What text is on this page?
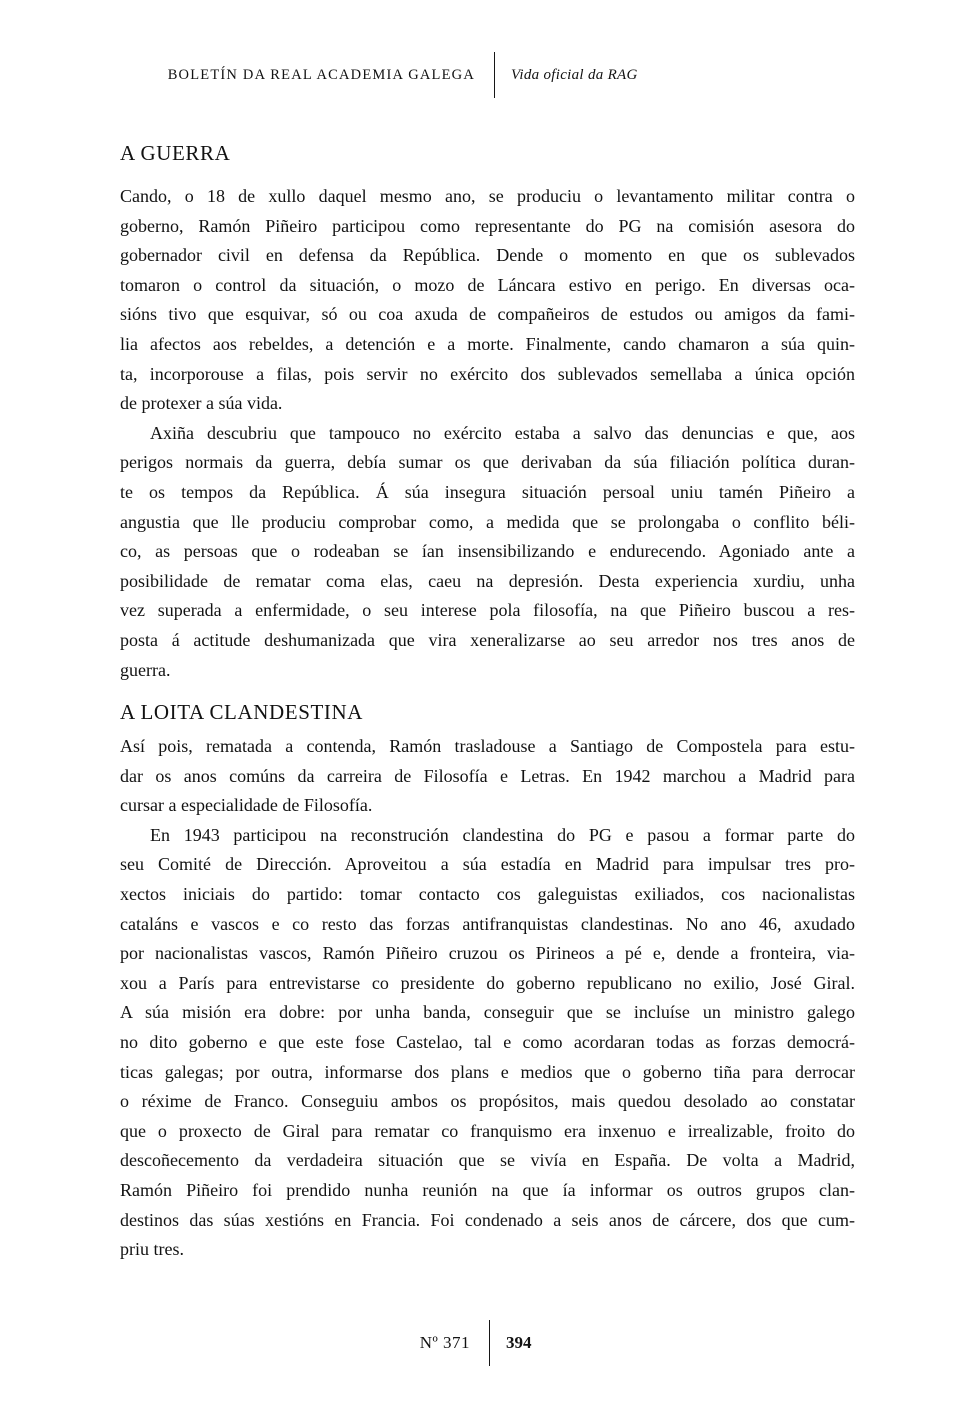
BOLETÍN DA REAL ACADEMIA GALEGA	Vida oficial da RAG
A GUERRA
Cando, o 18 de xullo daquel mesmo ano, se produciu o levantamento militar contra o
goberno, Ramón Piñeiro participou como representante do PG na comisión asesora do
gobernador civil en defensa da República. Dende o momento en que os sublevados
tomaron o control da situación, o mozo de Láncara estivo en perigo. En diversas oca-
sións tivo que esquivar, só ou coa axuda de compañeiros de estudos ou amigos da fami-
lia afectos aos rebeldes, a detención e a morte. Finalmente, cando chamaron a súa quin-
ta, incorporouse a filas, pois servir no exército dos sublevados semellaba a única opción
de protexer a súa vida.
Axiña descubriu que tampouco no exército estaba a salvo das denuncias e que, aos
perigos normais da guerra, debía sumar os que derivaban da súa filiación política duran-
te os tempos da República. Á súa insegura situación persoal uniu tamén Piñeiro a
angustia que lle produciu comprobar como, a medida que se prolongaba o conflito béli-
co, as persoas que o rodeaban se ían insensibilizando e endurecendo. Agoniado ante a
posibilidade de rematar coma elas, caeu na depresión. Desta experiencia xurdiu, unha
vez superada a enfermidade, o seu interese pola filosofía, na que Piñeiro buscou a res-
posta á actitude deshumanizada que vira xeneralizarse ao seu arredor nos tres anos de
guerra.
A LOITA CLANDESTINA
Así pois, rematada a contenda, Ramón trasladouse a Santiago de Compostela para estu-
dar os anos comúns da carreira de Filosofía e Letras. En 1942 marchou a Madrid para
cursar a especialidade de Filosofía.
En 1943 participou na reconstrución clandestina do PG e pasou a formar parte do
seu Comité de Dirección. Aproveitou a súa estadía en Madrid para impulsar tres pro-
xectos iniciais do partido: tomar contacto cos galeguistas exiliados, cos nacionalistas
cataláns e vascos e co resto das forzas antifranquistas clandestinas. No ano 46, axudado
por nacionalistas vascos, Ramón Piñeiro cruzou os Pirineos a pé e, dende a fronteira, via-
xou a París para entrevistarse co presidente do goberno republicano no exilio, José Giral.
A súa misión era dobre: por unha banda, conseguir que se incluíse un ministro galego
no dito goberno e que este fose Castelao, tal e como acordaran todas as forzas democrá-
ticas galegas; por outra, informarse dos plans e medios que o goberno tiña para derrocar
o réxime de Franco. Conseguiu ambos os propósitos, mais quedou desolado ao constatar
que o proxecto de Giral para rematar co franquismo era inxenuo e irrealizable, froito do
descoñecemento da verdadeira situación que se vivía en España. De volta a Madrid,
Ramón Piñeiro foi prendido nunha reunión na que ía informar os outros grupos clan-
destinos das súas xestións en Francia. Foi condenado a seis anos de cárcere, dos que cum-
priu tres.
Nº 371	394
